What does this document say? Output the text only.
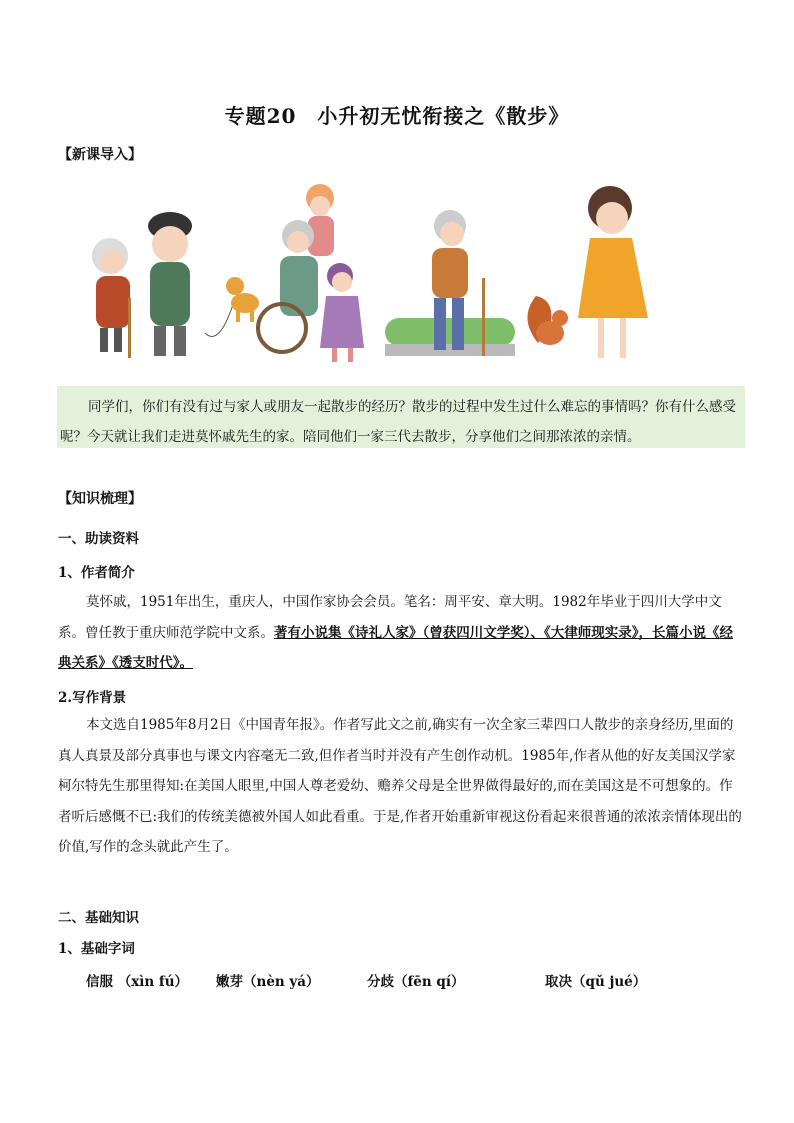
专题20　小升初无忧衔接之《散步》
【新课导入】
同学们，你们有没有过与家人或朋友一起散步的经历？散步的过程中发生过什么难忘的事情吗？你有什么感受呢？今天就让我们走进莫怀戚先生的家。陪同他们一家三代去散步，分享他们之间那浓浓的亲情。
【知识梳理】
一、助读资料
1、作者简介
莫怀戚，1951年出生，重庆人，中国作家协会会员。笔名：周平安、章大明。1982年毕业于四川大学中文系。曾任教于重庆师范学院中文系。著有小说集《诗礼人家》（曾获四川文学奖）、《大律师现实录》，长篇小说《经典关系》《透支时代》。
2.写作背景
本文选自1985年8月2日《中国青年报》。作者写此文之前,确实有一次全家三辈四口人散步的亲身经历,里面的真人真景及部分真事也与课文内容毫无二致,但作者当时并没有产生创作动机。1985年,作者从他的好友美国汉学家柯尔特先生那里得知:在美国人眼里,中国人尊老爱幼、赡养父母是全世界做得最好的,而在美国这是不可想象的。作者听后感慨不已:我们的传统美德被外国人如此看重。于是,作者开始重新审视这份看起来很普通的浓浓亲情体现出的价值,写作的念头就此产生了。
二、基础知识
1、基础字词
信服 （xìn fú） 嫩芽（nèn yá）	分歧（fēn qí）	取决（qǔ jué）
